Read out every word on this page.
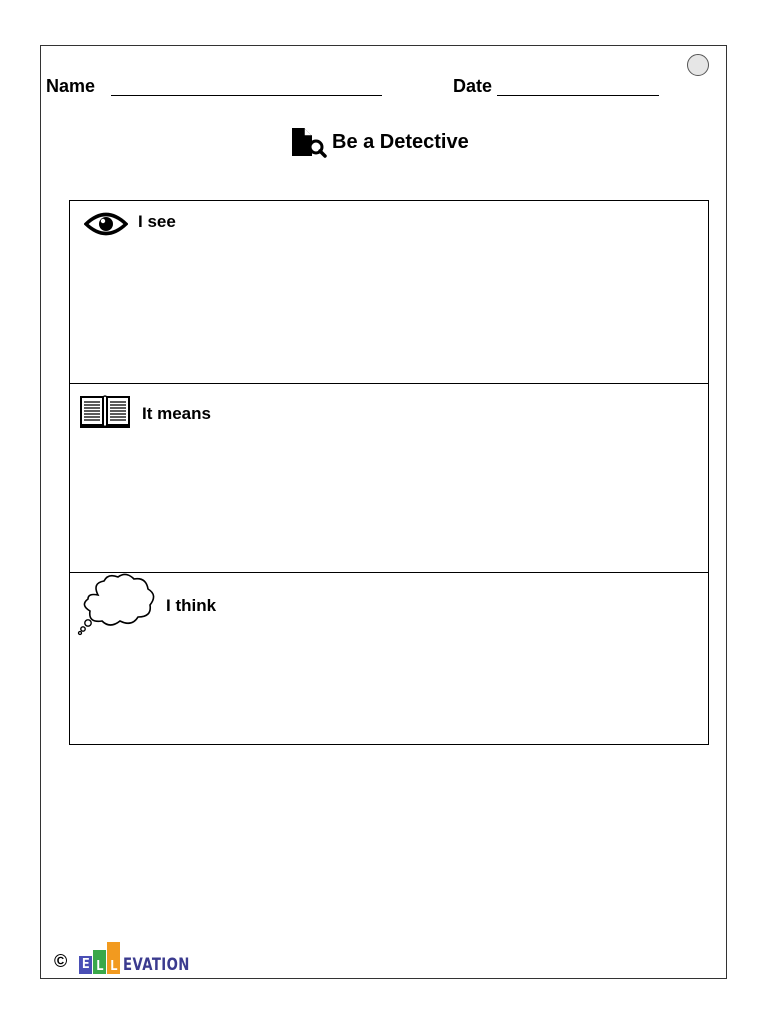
Name	Date
Be a Detective
I see
It means
I think
© E L L EVATION
